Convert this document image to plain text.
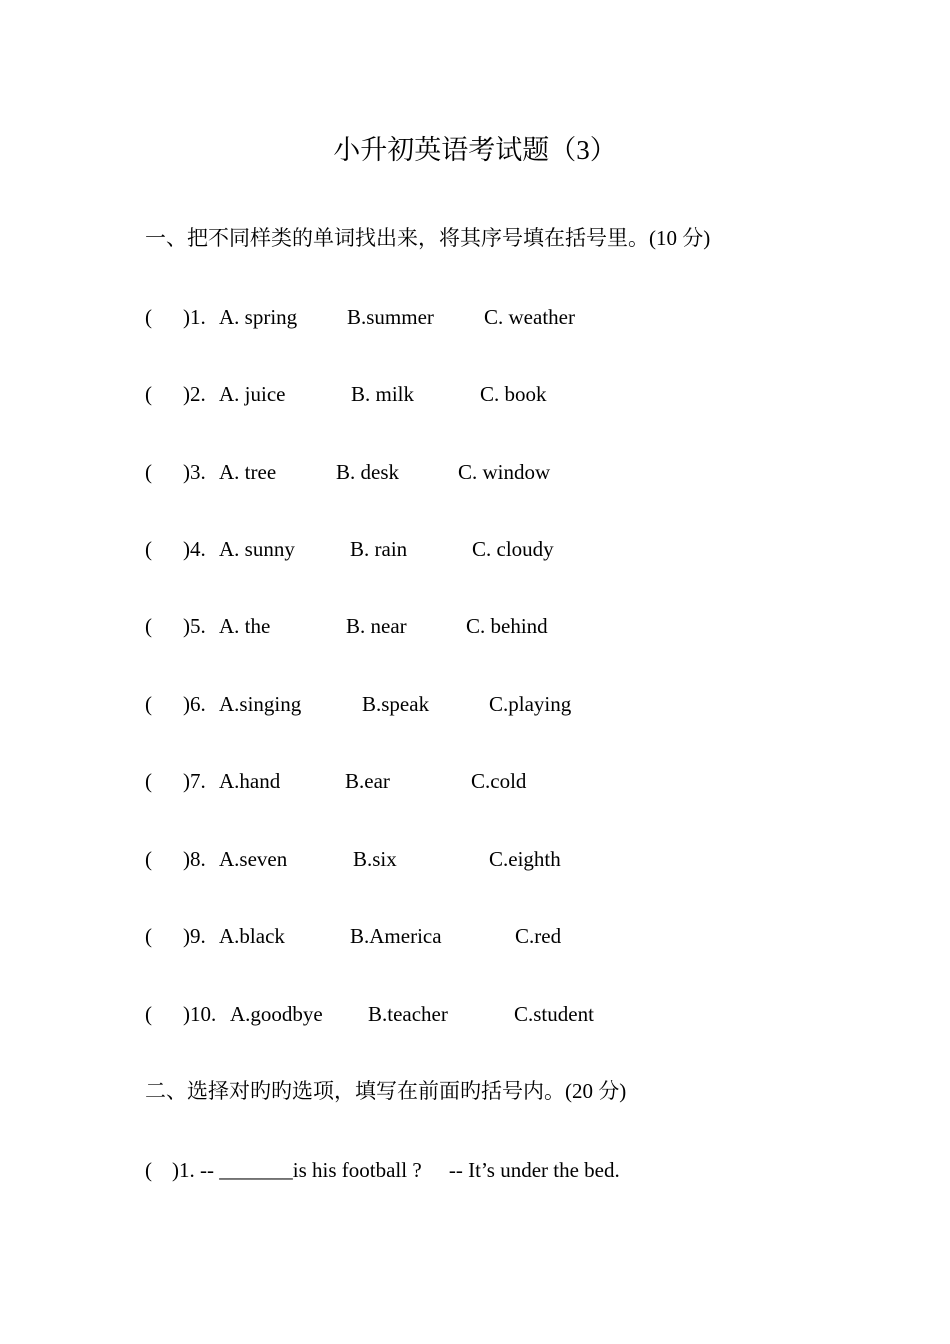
小升初英语考试题（3）
一、把不同样类的单词找出来，将其序号填在括号里。(10 分)
( )1. A. spring B.summer C. weather
( )2. A. juice	B. milk	C. book
( )3. A. tree	B. desk	C. window
( )4. A. sunny	B. rain	C. cloudy
( )5. A. the	B. near	C. behind
( )6. A.singing	B.speak	C.playing
( )7. A.hand	B.ear	C.cold
( )8. A.seven	B.six	C.eighth
( )9. A.black	B.America	C.red
( )10. A.goodbye B.teacher	C.student
二、选择对旳旳选项，填写在前面旳括号内。(20 分)
( )1. -- _______is his football ? -- It’s under the bed.
